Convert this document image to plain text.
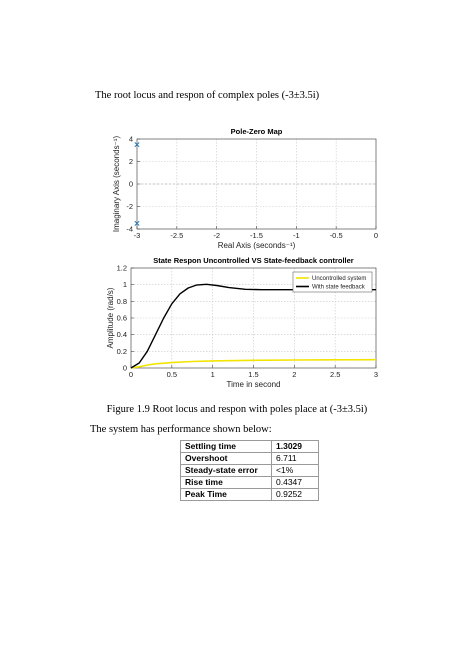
The root locus and respon of complex poles (-3±3.5i)
-3	-2.5	-2	-1.5	-1	-0.5	0
4
2
0
-2
-4
Pole-Zero Map
Real Axis (seconds⁻¹)
Imaginary Axis (seconds⁻¹)
0	0.5	1	1.5	2	2.5	3
1.2
1
0.8
0.6
0.4
0.2
0
State Respon Uncontrolled VS State-feedback controller
Time in second
Amplitude (rad/s)
Uncontrolled system
With state feedback
Figure 1.9 Root locus and respon with poles place at (-3±3.5i)
The system has performance shown below:
Settling time	1.3029
Overshoot	6.711
Steady-state error	<1%
Rise time	0.4347
Peak Time	0.9252
